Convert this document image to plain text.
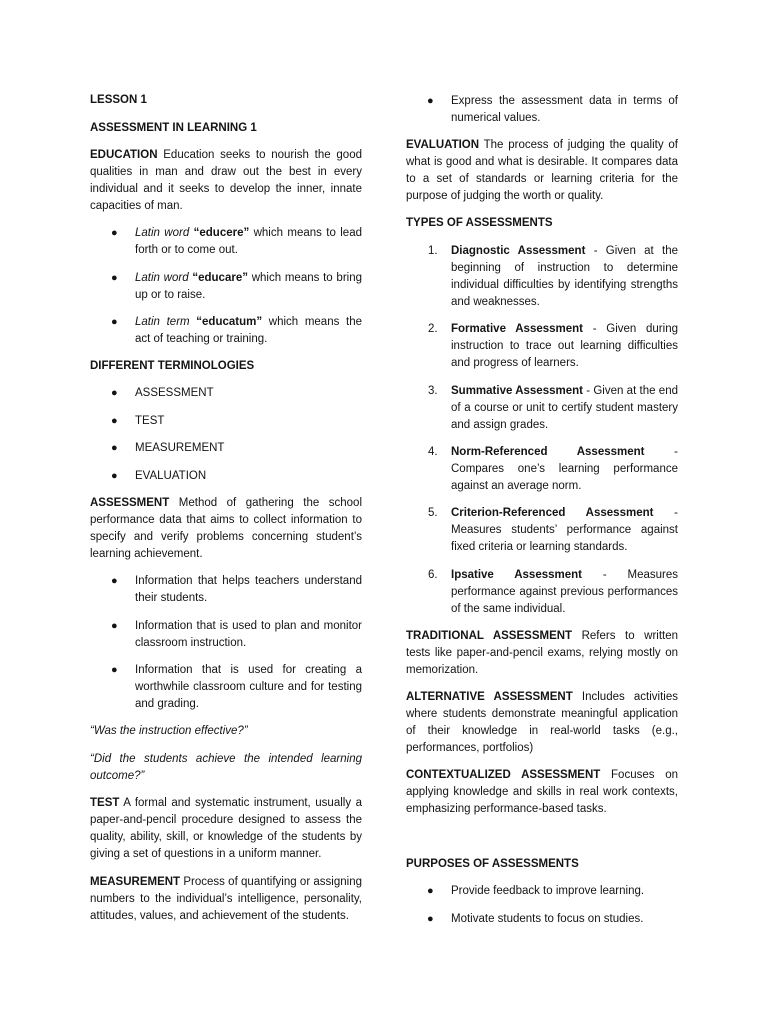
LESSON 1

ASSESSMENT IN LEARNING 1

EDUCATION Education seeks to nourish the good qualities in man and draw out the best in every individual and it seeks to develop the inner, innate capacities of man.

● Latin word “educere” which means to lead forth or to come out.
● Latin word “educare” which means to bring up or to raise.
● Latin term “educatum” which means the act of teaching or training.

DIFFERENT TERMINOLOGIES

● ASSESSMENT
● TEST
● MEASUREMENT
● EVALUATION

ASSESSMENT Method of gathering the school performance data that aims to collect information to specify and verify problems concerning student’s learning achievement.

● Information that helps teachers understand their students.
● Information that is used to plan and monitor classroom instruction.
● Information that is used for creating a worthwhile classroom culture and for testing and grading.

“Was the instruction effective?”

“Did the students achieve the intended learning outcome?”

TEST A formal and systematic instrument, usually a paper-and-pencil procedure designed to assess the quality, ability, skill, or knowledge of the students by giving a set of questions in a uniform manner.

MEASUREMENT Process of quantifying or assigning numbers to the individual’s intelligence, personality, attitudes, values, and achievement of the students.

● Express the assessment data in terms of numerical values.

EVALUATION The process of judging the quality of what is good and what is desirable. It compares data to a set of standards or learning criteria for the purpose of judging the worth or quality.

TYPES OF ASSESSMENTS

1. Diagnostic Assessment - Given at the beginning of instruction to determine individual difficulties by identifying strengths and weaknesses.
2. Formative Assessment - Given during instruction to trace out learning difficulties and progress of learners.
3. Summative Assessment - Given at the end of a course or unit to certify student mastery and assign grades.
4. Norm-Referenced Assessment - Compares one’s learning performance against an average norm.
5. Criterion-Referenced Assessment - Measures students’ performance against fixed criteria or learning standards.
6. Ipsative Assessment - Measures performance against previous performances of the same individual.

TRADITIONAL ASSESSMENT Refers to written tests like paper-and-pencil exams, relying mostly on memorization.

ALTERNATIVE ASSESSMENT Includes activities where students demonstrate meaningful application of their knowledge in real-world tasks (e.g., performances, portfolios)

CONTEXTUALIZED ASSESSMENT Focuses on applying knowledge and skills in real work contexts, emphasizing performance-based tasks.

PURPOSES OF ASSESSMENTS

● Provide feedback to improve learning.
● Motivate students to focus on studies.
